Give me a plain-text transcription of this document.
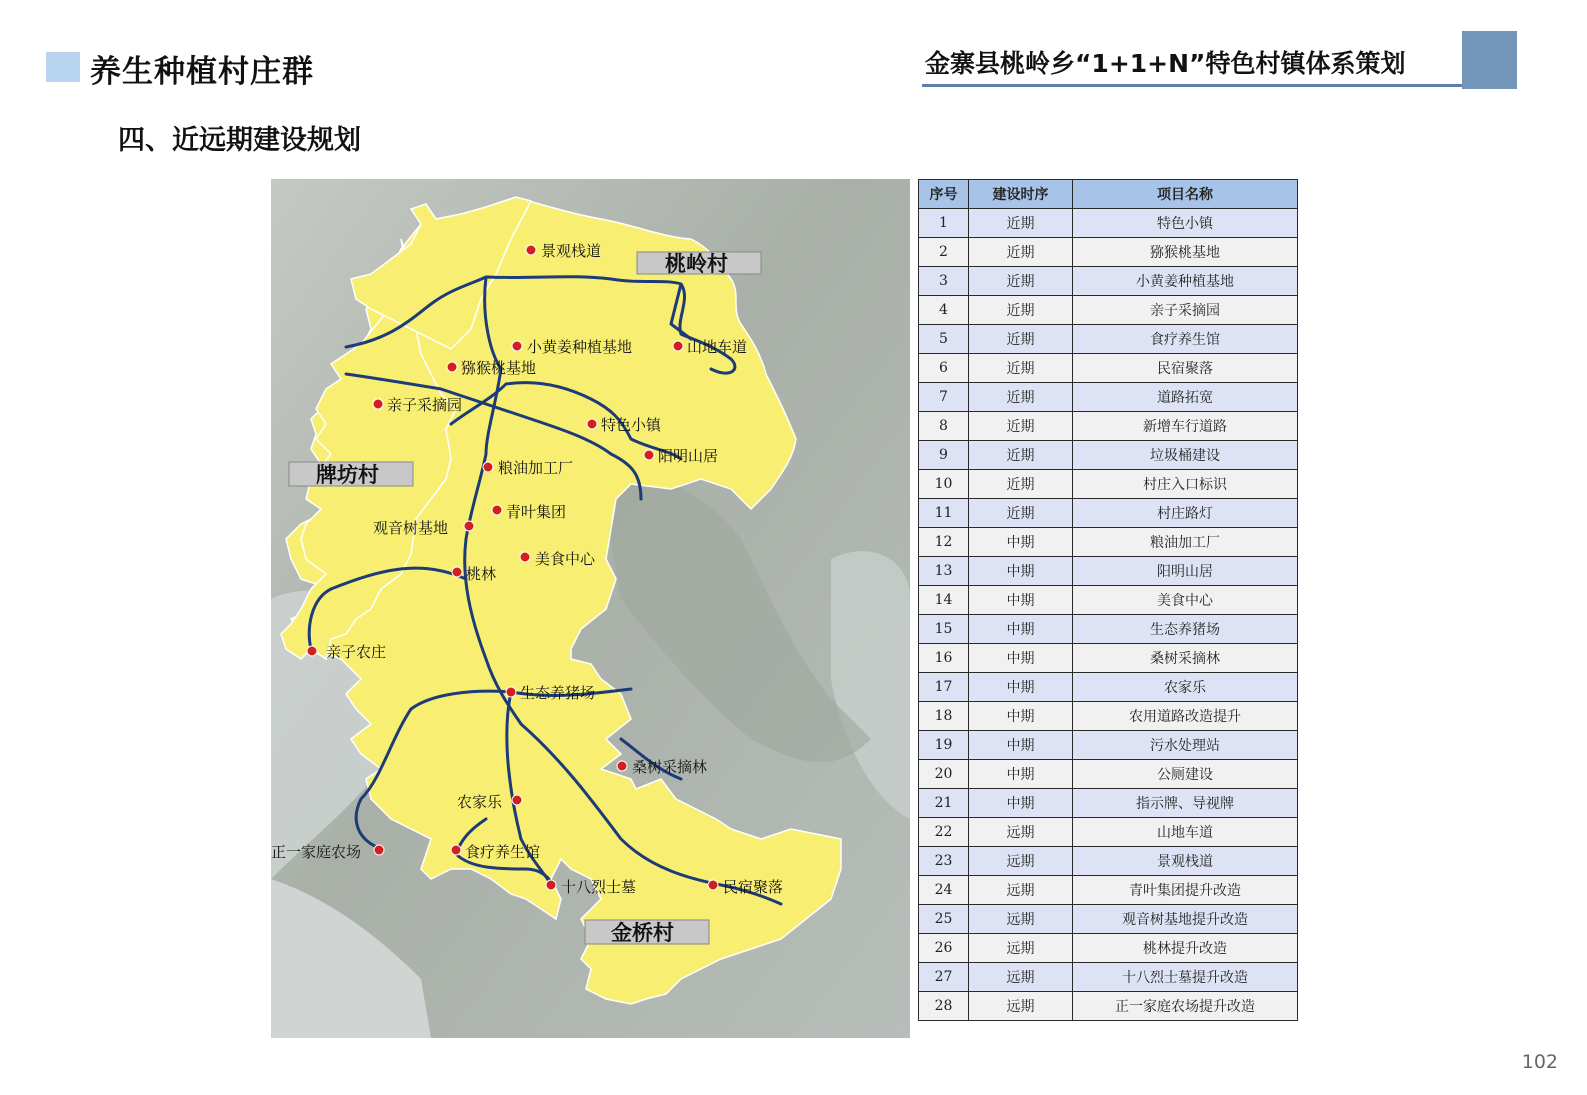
养生种植村庄群	金寨县桃岭乡“1+1+N”特色村镇体系策划
四、近远期建设规划
桃岭村
牌坊村
金桥村
景观栈道
小黄姜种植基地	山地车道
猕猴桃基地
亲子采摘园
特色小镇
阳明山居
粮油加工厂
青叶集团
观音树基地
美食中心
桃林
亲子农庄
生态养猪场
桑树采摘林
农家乐
正一家庭农场	食疗养生馆
十八烈士墓	民宿聚落
序号	建设时序	项目名称
1	近期	特色小镇
2	近期	猕猴桃基地
3	近期	小黄姜种植基地
4	近期	亲子采摘园
5	近期	食疗养生馆
6	近期	民宿聚落
7	近期	道路拓宽
8	近期	新增车行道路
9	近期	垃圾桶建设
10	近期	村庄入口标识
11	近期	村庄路灯
12	中期	粮油加工厂
13	中期	阳明山居
14	中期	美食中心
15	中期	生态养猪场
16	中期	桑树采摘林
17	中期	农家乐
18	中期	农用道路改造提升
19	中期	污水处理站
20	中期	公厕建设
21	中期	指示牌、导视牌
22	远期	山地车道
23	远期	景观栈道
24	远期	青叶集团提升改造
25	远期	观音树基地提升改造
26	远期	桃林提升改造
27	远期	十八烈士墓提升改造
28	远期	正一家庭农场提升改造
102
